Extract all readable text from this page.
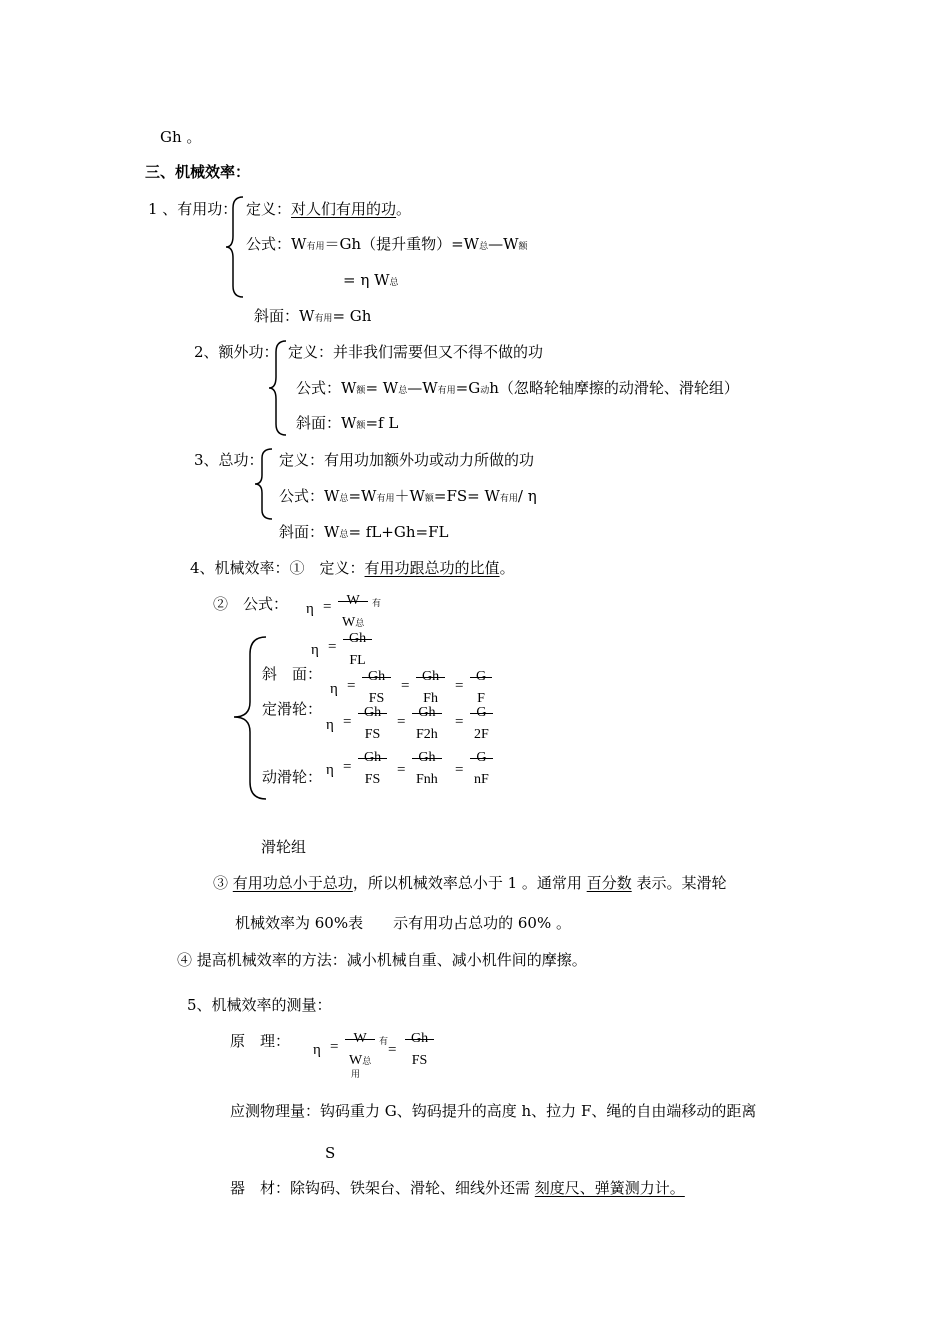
Gh 。
三、机械效率：
1 、有用功： 定义：对人们有用的功。
公式：W有用＝Gh（提升重物）=W总—W额
= η W总
斜面：W有用= Gh
2、额外功： 定义：并非我们需要但又不得不做的功
公式：W额= W总—W有用=G动h（忽略轮轴摩擦的动滑轮、滑轮组）
斜面：W额=f L
3、总功： 定义：有用功加额外功或动力所做的功
公式：W总=W有用＋W额=FS= W有用/ η
斜面：W总= fL+Gh=FL
4、机械效率：①　定义：有用功跟总功的比值。
②　公式： η =	W
W总
有
η =
Gh
FL
斜　面：
η =
Gh
FS
=
Gh
Fh
=
G
F
定滑轮：
η =
Gh
FS
=
Gh
F2h
=
G
2F
动滑轮： η =
Gh
FS
=
Gh
Fnh
=
G
nF
滑轮组
③ 有用功总小于总功，所以机械效率总小于 1 。通常用 百分数 表示。某滑轮
机械效率为 60%表　　示有用功占总功的 60% 。
④ 提高机械效率的方法：减小机械自重、减小机件间的摩擦。
5、机械效率的测量：
原　理： η =
W
W总
有
用
=
Gh
FS
应测物理量：钩码重力 G、钩码提升的高度 h、拉力 F、绳的自由端移动的距离
S
器　材：除钩码、铁架台、滑轮、细线外还需 刻度尺、弹簧测力计。
